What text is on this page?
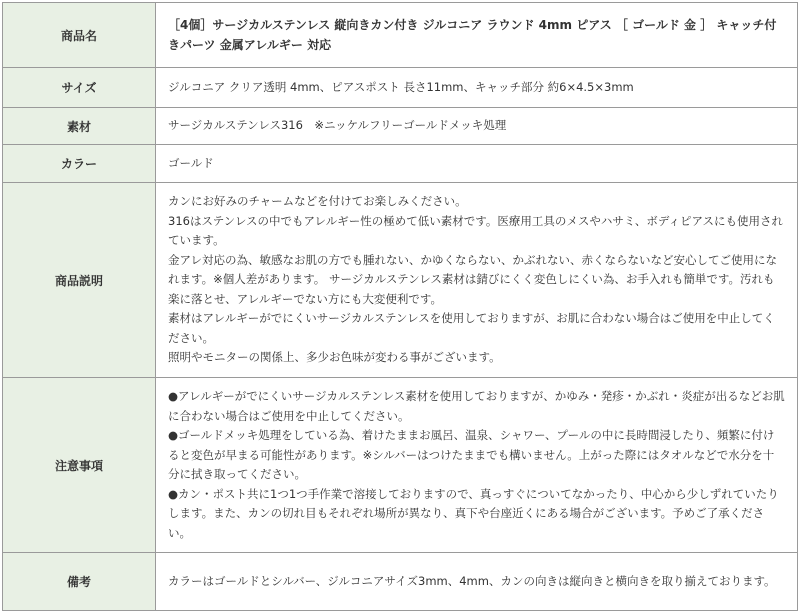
商品名	［4個］サージカルステンレス 縦向きカン付き ジルコニア ラウンド 4mm ピアス ［ ゴールド 金 ］ キャッチ付きパーツ 金属アレルギー 対応
サイズ	ジルコニア クリア透明 4mm、ピアスポスト 長さ11mm、キャッチ部分 約6×4.5×3mm
素材	サージカルステンレス316　※ニッケルフリーゴールドメッキ処理
カラー	ゴールド
商品説明	カンにお好みのチャームなどを付けてお楽しみください。
316はステンレスの中でもアレルギー性の極めて低い素材です。医療用工具のメスやハサミ、ボディピアスにも使用されています。
金アレ対応の為、敏感なお肌の方でも腫れない、かゆくならない、かぶれない、赤くならないなど安心してご使用になれます。※個人差があります。 サージカルステンレス素材は錆びにくく変色しにくい為、お手入れも簡単です。汚れも楽に落とせ、アレルギーでない方にも大変便利です。
素材はアレルギーがでにくいサージカルステンレスを使用しておりますが、お肌に合わない場合はご使用を中止してください。
照明やモニターの関係上、多少お色味が変わる事がございます。

注意事項	●アレルギーがでにくいサージカルステンレス素材を使用しておりますが、かゆみ・発疹・かぶれ・炎症が出るなどお肌に合わない場合はご使用を中止してください。
●ゴールドメッキ処理をしている為、着けたままお風呂、温泉、シャワー、プールの中に長時間浸したり、頻繁に付けると変色が早まる可能性があります。※シルバーはつけたままでも構いません。上がった際にはタオルなどで水分を十分に拭き取ってください。
●カン・ポスト共に1つ1つ手作業で溶接しておりますので、真っすぐについてなかったり、中心から少しずれていたりします。また、カンの切れ目もそれぞれ場所が異なり、真下や台座近くにある場合がございます。予めご了承ください。

備考	カラーはゴールドとシルバー、ジルコニアサイズ3mm、4mm、カンの向きは縦向きと横向きを取り揃えております。
